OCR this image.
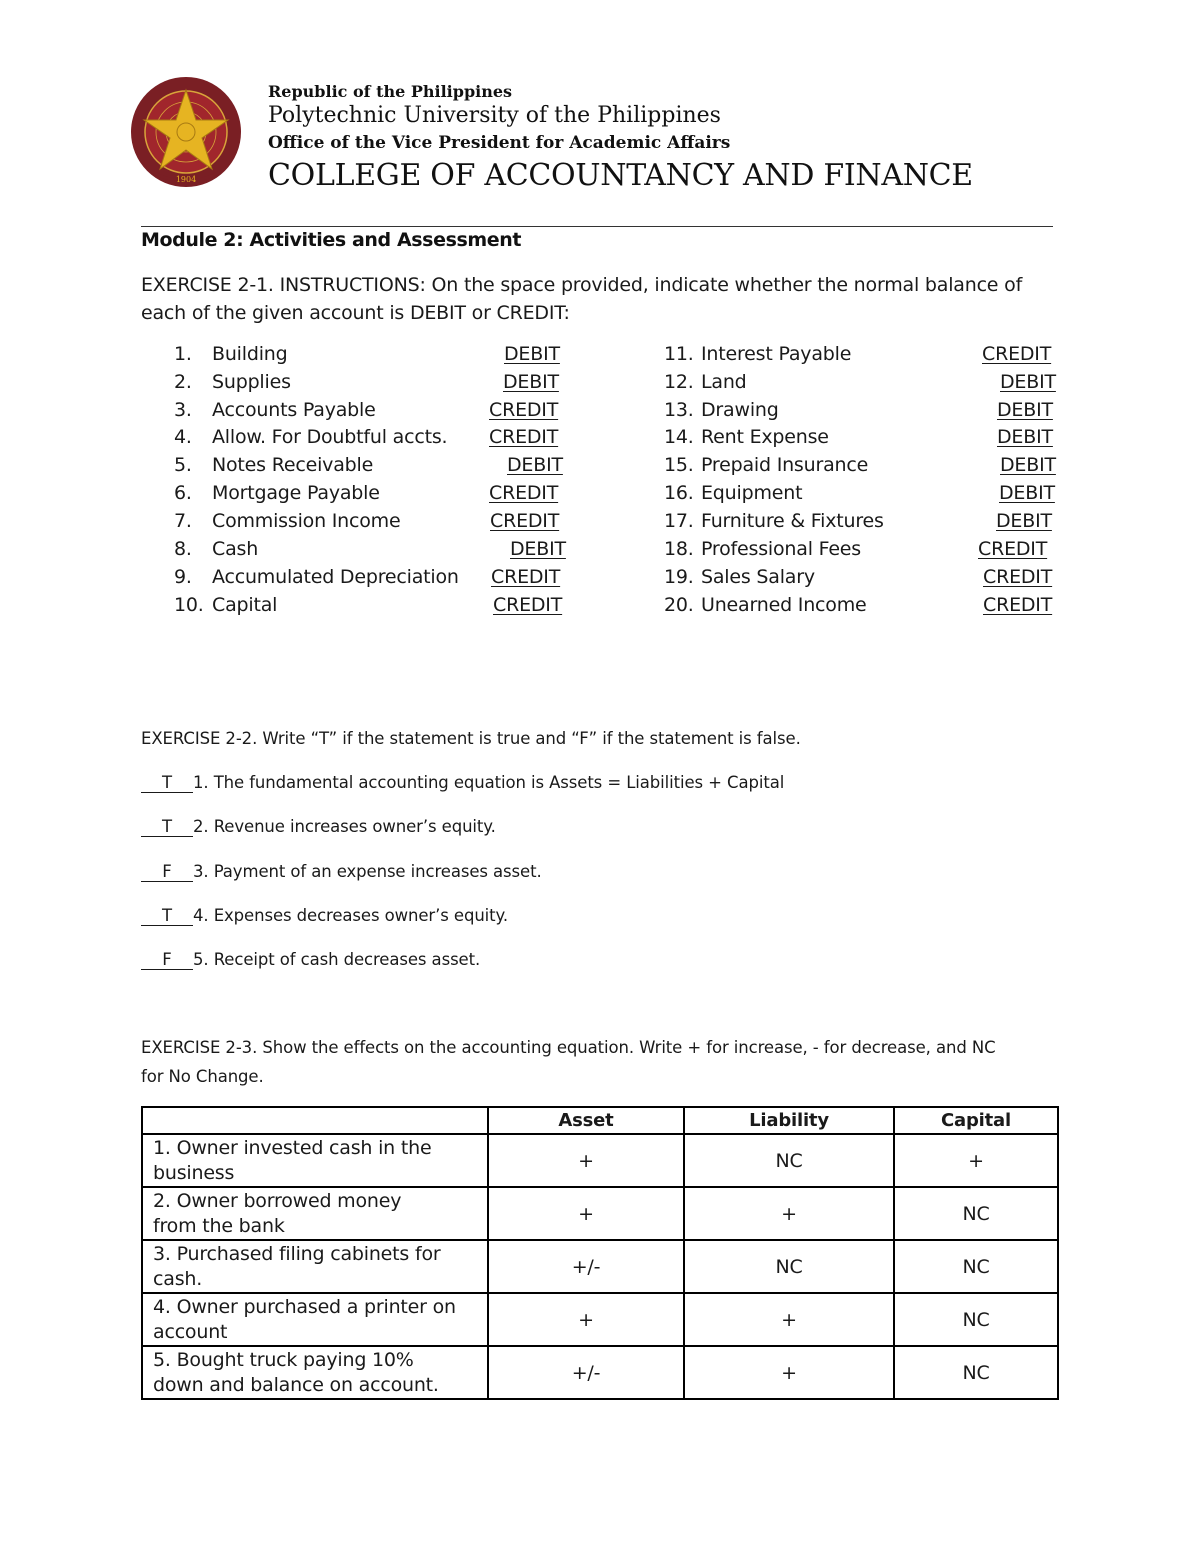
1904
Republic of the Philippines
Polytechnic University of the Philippines
Office of the Vice President for Academic Affairs
COLLEGE OF ACCOUNTANCY AND FINANCE
Module 2: Activities and Assessment
EXERCISE 2-1. INSTRUCTIONS: On the space provided, indicate whether the normal balance of each of the given account is DEBIT or CREDIT:
1. Building	DEBIT
2. Supplies	DEBIT
3. Accounts Payable	CREDIT
4. Allow. For Doubtful accts. CREDIT
5. Notes Receivable	DEBIT
6. Mortgage Payable	CREDIT
7. Commission Income	CREDIT
8. Cash	DEBIT
9. Accumulated Depreciation CREDIT
10. Capital	CREDIT
11. Interest Payable	CREDIT
12. Land	DEBIT
13. Drawing	DEBIT
14. Rent Expense	DEBIT
15. Prepaid Insurance	DEBIT
16. Equipment	DEBIT
17. Furniture & Fixtures	DEBIT
18. Professional Fees	CREDIT
19. Sales Salary	CREDIT
20. Unearned Income	CREDIT
EXERCISE 2-2. Write “T” if the statement is true and “F” if the statement is false.
T 1. The fundamental accounting equation is Assets = Liabilities + Capital
T 2. Revenue increases owner’s equity.
F 3. Payment of an expense increases asset.
T 4. Expenses decreases owner’s equity.
F 5. Receipt of cash decreases asset.
EXERCISE 2-3. Show the effects on the accounting equation. Write + for increase, - for decrease, and NC
for No Change.
	Asset	Liability	Capital
1. Owner invested cash in the
business	+	NC	+
2. Owner borrowed money
from the bank	+	+	NC
3. Purchased filing cabinets for
cash.	+/-	NC	NC
4. Owner purchased a printer on
account	+	+	NC
5. Bought truck paying 10%
down and balance on account.	+/-	+	NC
